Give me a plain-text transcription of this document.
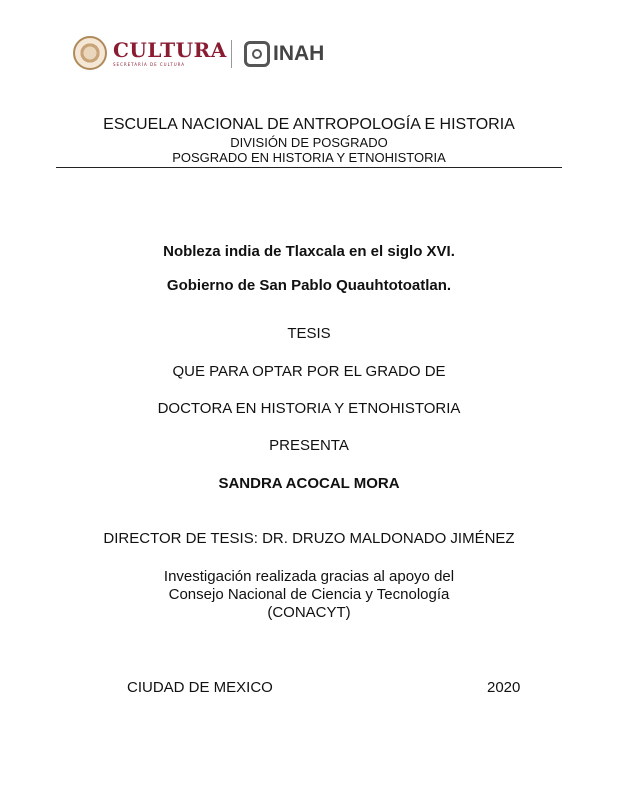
CULTURA
SECRETARÍA DE CULTURA	INAH
ESCUELA NACIONAL DE ANTROPOLOGÍA E HISTORIA
DIVISIÓN DE POSGRADO
POSGRADO EN HISTORIA Y ETNOHISTORIA
Nobleza india de Tlaxcala en el siglo XVI.
Gobierno de San Pablo Quauhtotoatlan.
TESIS
QUE PARA OPTAR POR EL GRADO DE
DOCTORA EN HISTORIA Y ETNOHISTORIA
PRESENTA
SANDRA ACOCAL MORA
DIRECTOR DE TESIS: DR. DRUZO MALDONADO JIMÉNEZ
Investigación realizada gracias al apoyo del
Consejo Nacional de Ciencia y Tecnología
(CONACYT)
CIUDAD DE MEXICO	2020
